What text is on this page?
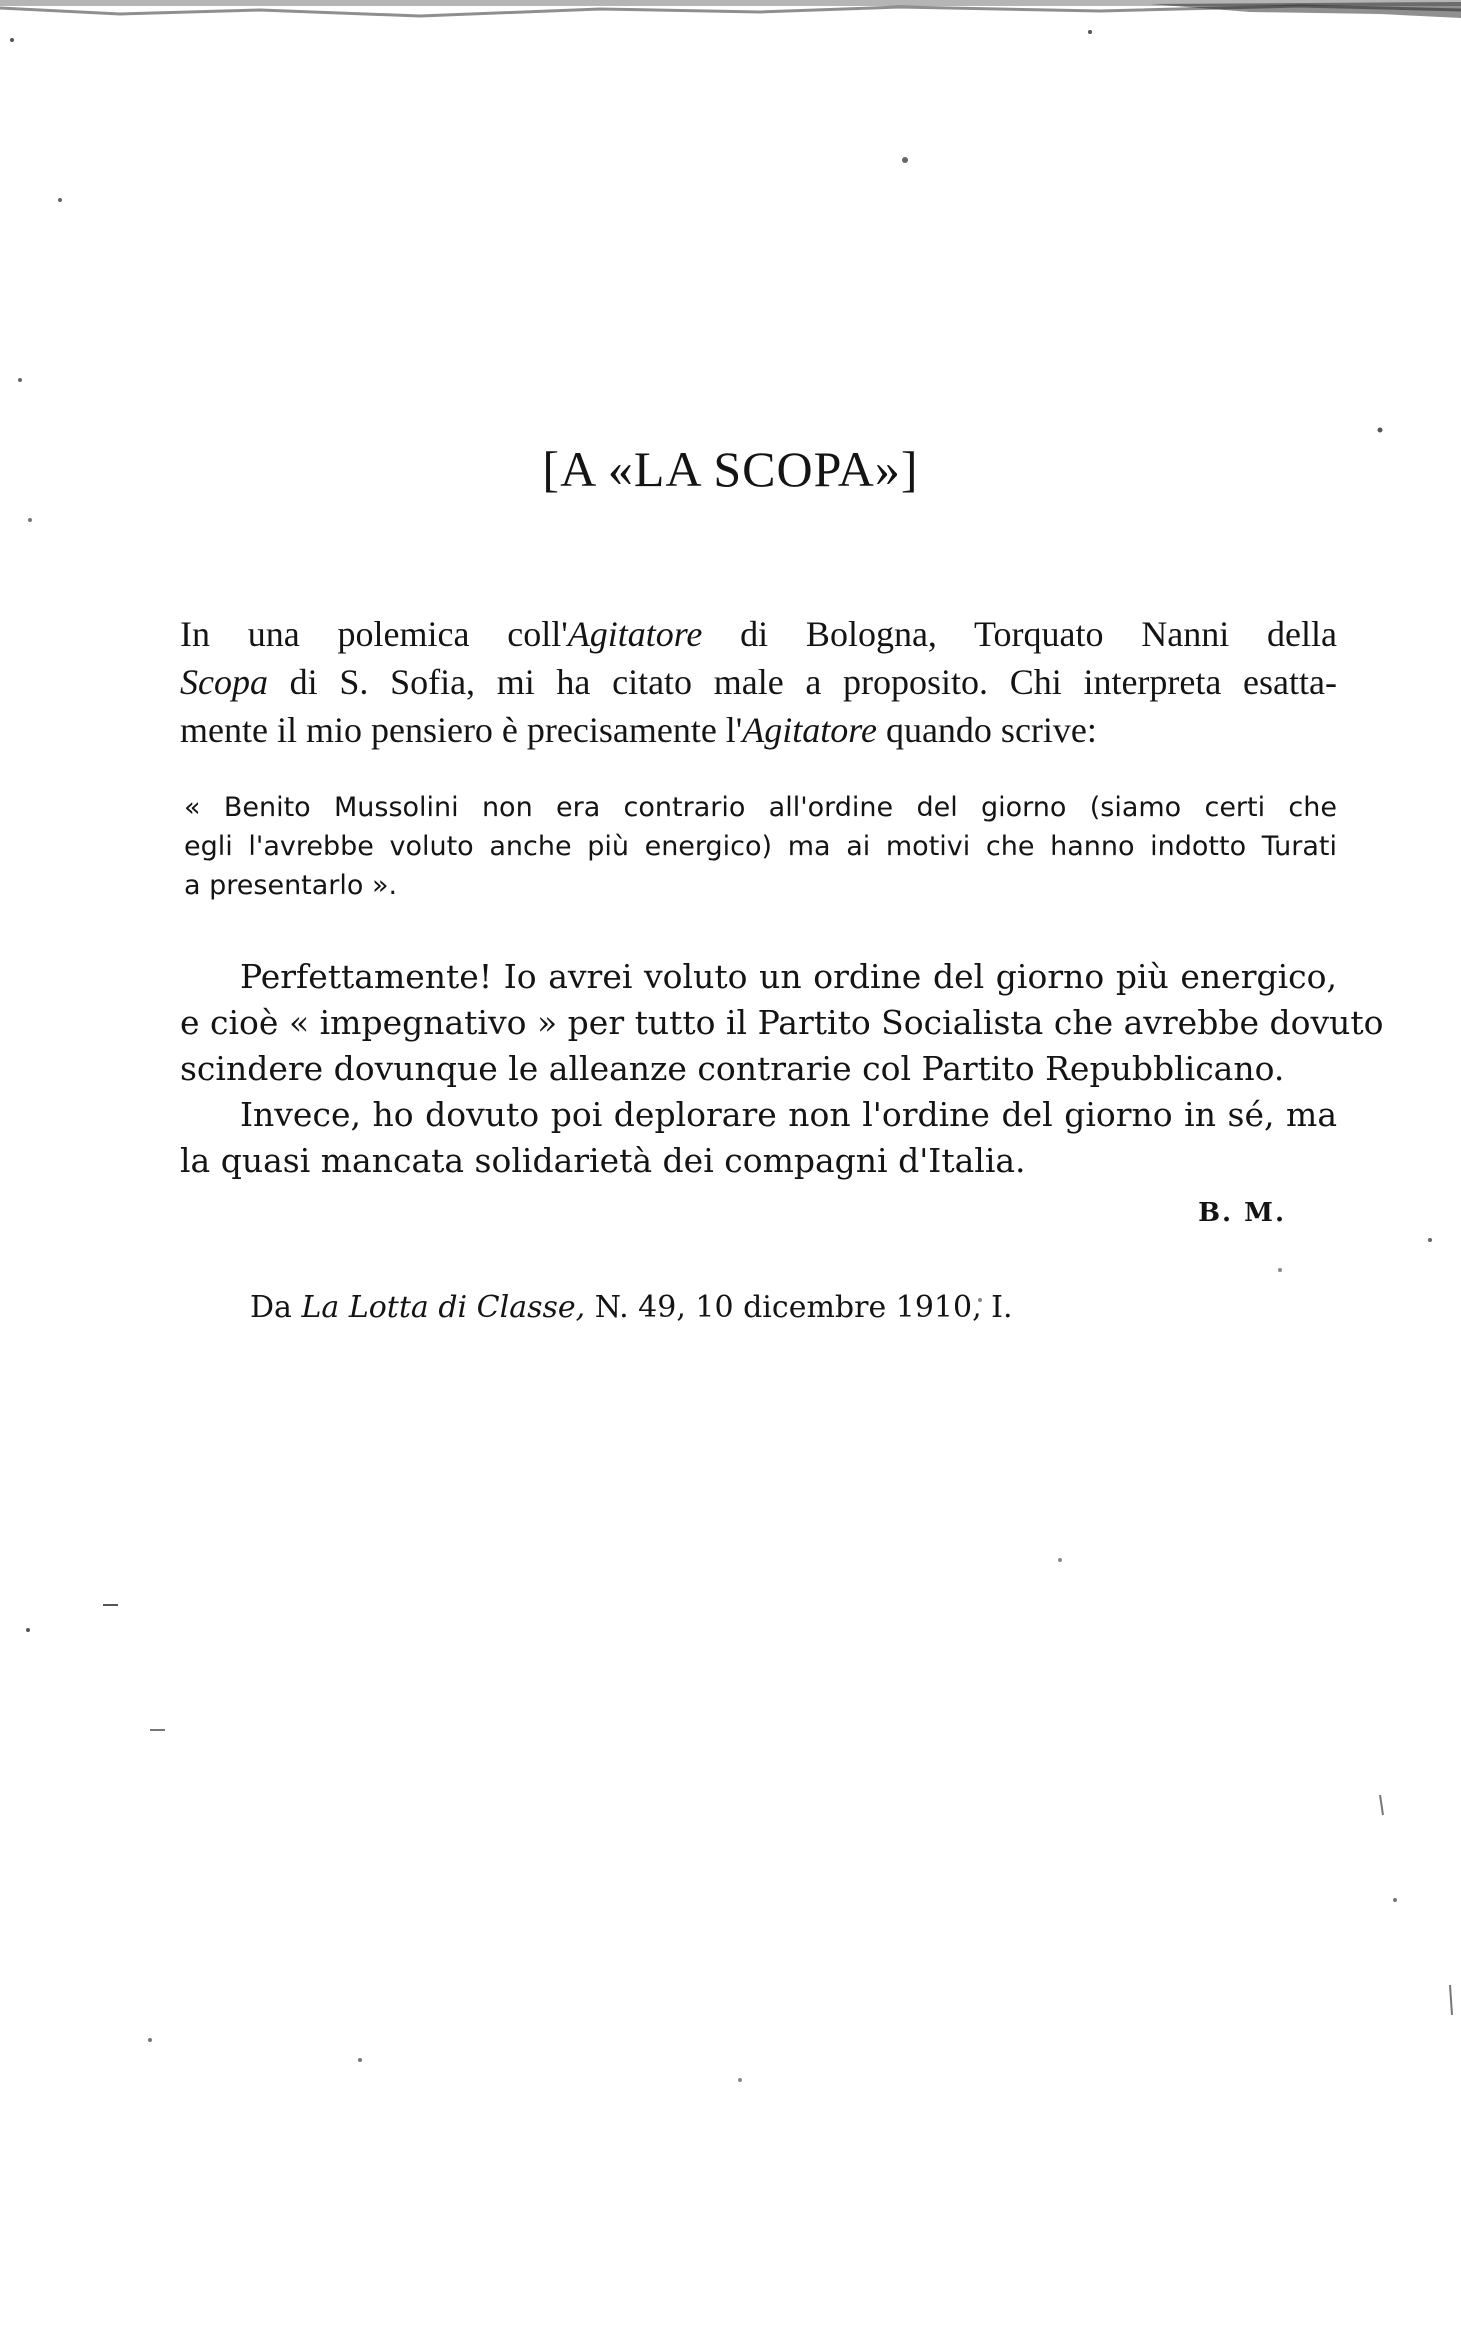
[A «LA SCOPA»]
In una polemica coll'Agitatore di Bologna, Torquato Nanni della
Scopa di S. Sofia, mi ha citato male a proposito. Chi interpreta esatta-
mente il mio pensiero è precisamente l'Agitatore quando scrive:
« Benito Mussolini non era contrario all'ordine del giorno (siamo certi che
egli l'avrebbe voluto anche più energico) ma ai motivi che hanno indotto Turati
a presentarlo ».
Perfettamente! Io avrei voluto un ordine del giorno più energico,
e cioè « impegnativo » per tutto il Partito Socialista che avrebbe dovuto
scindere dovunque le alleanze contrarie col Partito Repubblicano.
Invece, ho dovuto poi deplorare non l'ordine del giorno in sé, ma
la quasi mancata solidarietà dei compagni d'Italia.
B. M.
Da La Lotta di Classe, N. 49, 10 dicembre 1910, I.
